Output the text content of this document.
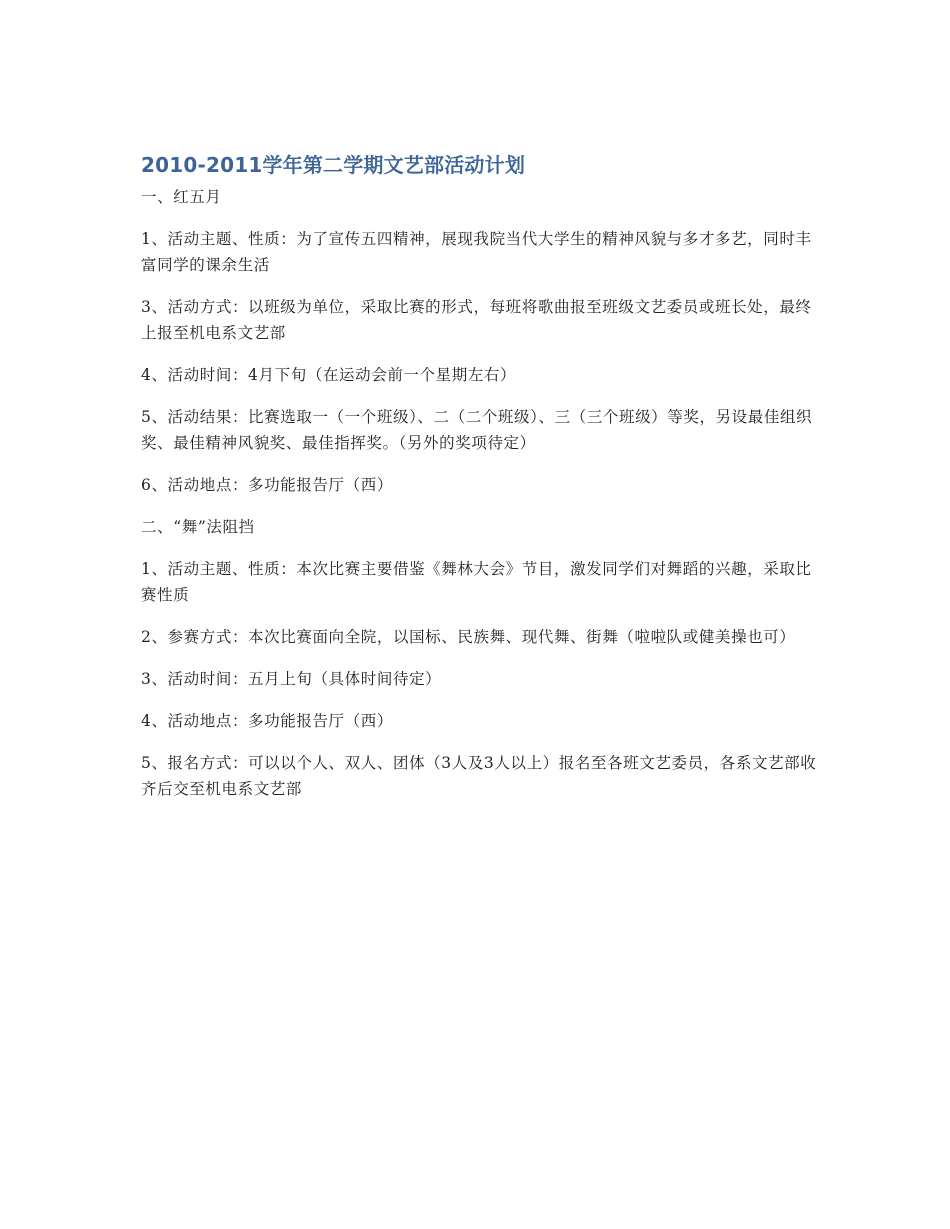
2010-2011学年第二学期文艺部活动计划

一、红五月

1、活动主题、性质：为了宣传五四精神，展现我院当代大学生的精神风貌与多才多艺，同时丰 富同学的课余生活

3、活动方式：以班级为单位，采取比赛的形式，每班将歌曲报至班级文艺委员或班长处，最终上报至机电系文艺部

4、活动时间：4月下旬（在运动会前一个星期左右）

5、活动结果：比赛选取一（一个班级）、二（二个班级）、三（三个班级）等奖，另设最佳组织奖、最佳精神风貌奖、最佳指挥奖。（另外的奖项待定）

6、活动地点：多功能报告厅（西）

二、“舞”法阻挡

1、活动主题、性质：本次比赛主要借鉴《舞林大会》节目，激发同学们对舞蹈的兴趣，采取比赛性质

2、参赛方式：本次比赛面向全院，以国标、民族舞、现代舞、街舞（啦啦队或健美操也可）

3、活动时间：五月上旬（具体时间待定）

4、活动地点：多功能报告厅（西）

5、报名方式：可以以个人、双人、团体（3人及3人以上）报名至各班文艺委员，各系文艺部收齐后交至机电系文艺部
